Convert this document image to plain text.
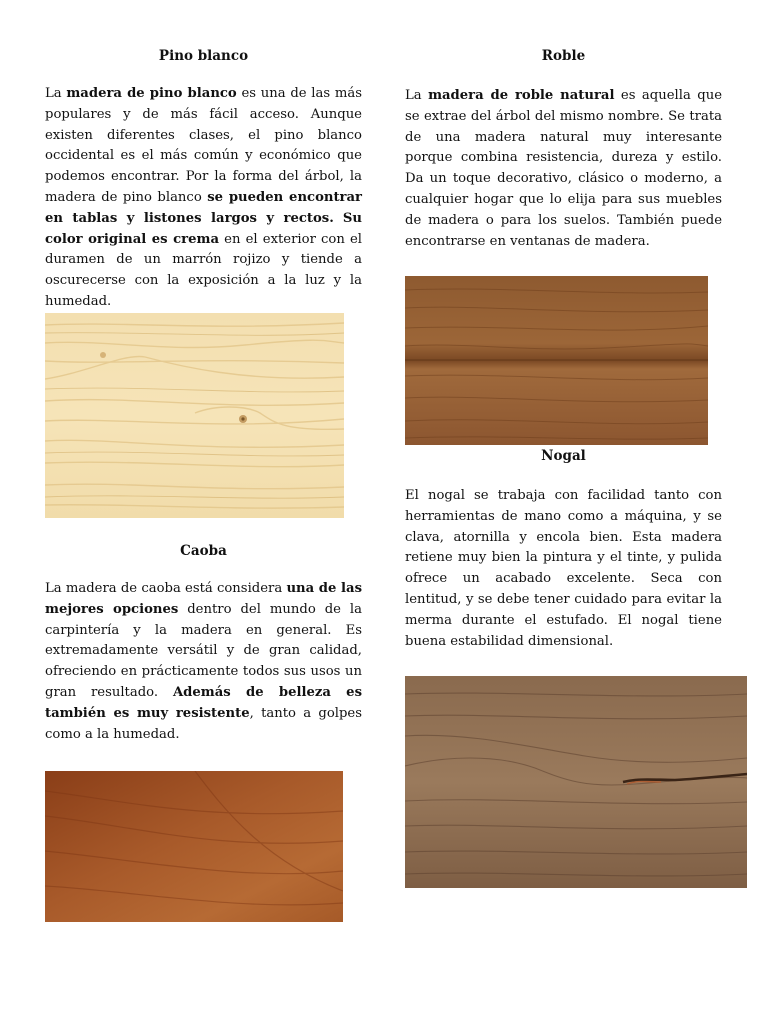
Pino blanco

La madera de pino blanco es una de las más populares y de más fácil acceso. Aunque existen diferentes clases, el pino blanco occidental es el más común y económico que podemos encontrar. Por la forma del árbol, la madera de pino blanco se pueden encontrar en tablas y listones largos y rectos. Su color original es crema en el exterior con el duramen de un marrón rojizo y tiende a oscurecerse con la exposición a la luz y la humedad.

Caoba

La madera de caoba está considera una de las mejores opciones dentro del mundo de la carpintería y la madera en general. Es extremadamente versátil y de gran calidad, ofreciendo en prácticamente todos sus usos un gran resultado. Además de belleza es también es muy resistente, tanto a golpes como a la humedad.

Roble

La madera de roble natural es aquella que se extrae del árbol del mismo nombre. Se trata de una madera natural muy interesante porque combina resistencia, dureza y estilo. Da un toque decorativo, clásico o moderno, a cualquier hogar que lo elija para sus muebles de madera o para los suelos. También puede encontrarse en ventanas de madera.

Nogal

El nogal se trabaja con facilidad tanto con herramientas de mano como a máquina, y se clava, atornilla y encola bien. Esta madera retiene muy bien la pintura y el tinte, y pulida ofrece un acabado excelente. Seca con lentitud, y se debe tener cuidado para evitar la merma durante el estufado. El nogal tiene buena estabilidad dimensional.
